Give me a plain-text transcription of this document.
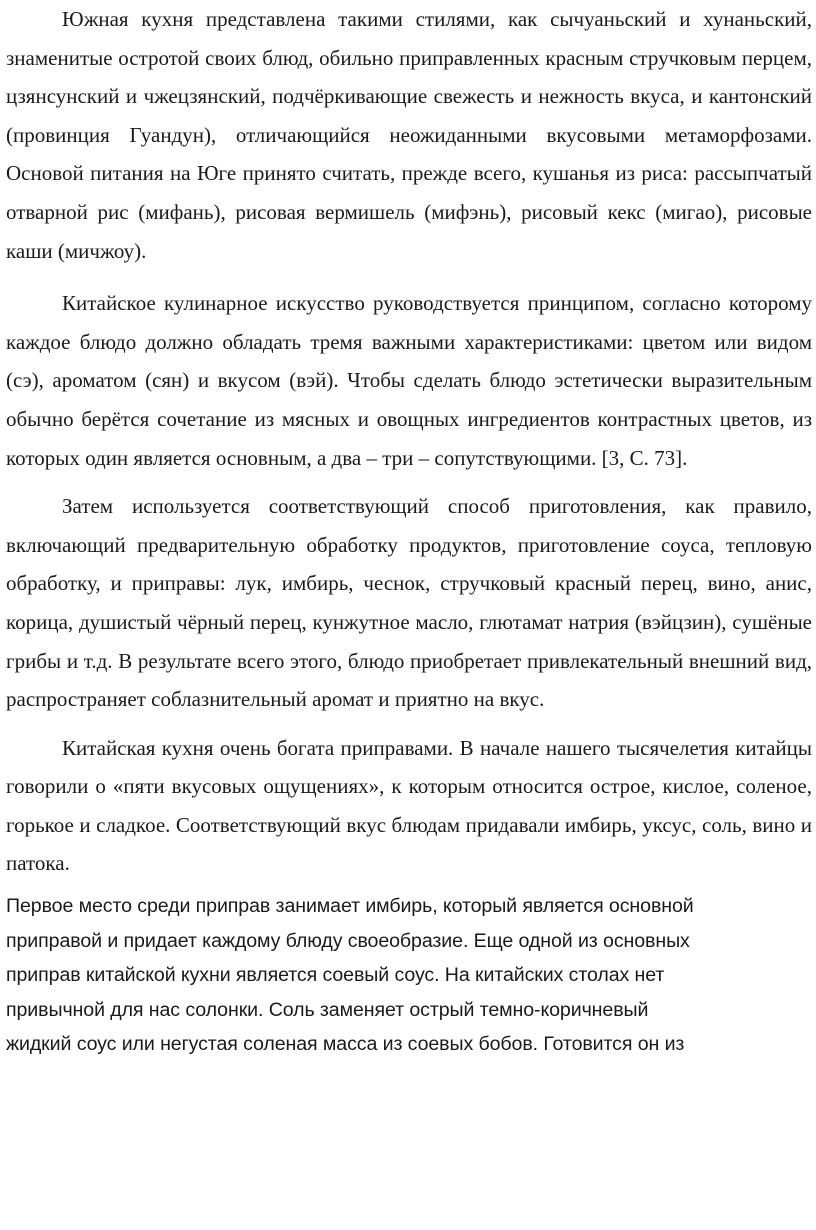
Южная кухня представлена такими стилями, как сычуаньский и хунаньский, знаменитые остротой своих блюд, обильно приправленных красным стручковым перцем, цзянсунский и чжецзянский, подчёркивающие свежесть и нежность вкуса, и кантонский (провинция Гуандун), отличающийся неожиданными вкусовыми метаморфозами. Основой питания на Юге принято считать, прежде всего, кушанья из риса: рассыпчатый отварной рис (мифань), рисовая вермишель (мифэнь), рисовый кекс (мигао), рисовые каши (мичжоу).

Китайское кулинарное искусство руководствуется принципом, согласно которому каждое блюдо должно обладать тремя важными характеристиками: цветом или видом (сэ), ароматом (сян) и вкусом (вэй). Чтобы сделать блюдо эстетически выразительным обычно берётся сочетание из мясных и овощных ингредиентов контрастных цветов, из которых один является основным, а два – три – сопутствующими. [3, С. 73].

Затем используется соответствующий способ приготовления, как правило, включающий предварительную обработку продуктов, приготовление соуса, тепловую обработку, и приправы: лук, имбирь, чеснок, стручковый красный перец, вино, анис, корица, душистый чёрный перец, кунжутное масло, глютамат натрия (вэйцзин), сушёные грибы и т.д. В результате всего этого, блюдо приобретает привлекательный внешний вид, распространяет соблазнительный аромат и приятно на вкус.

Китайская кухня очень богата приправами. В начале нашего тысячелетия китайцы говорили о «пяти вкусовых ощущениях», к которым относится острое, кислое, соленое, горькое и сладкое. Соответствующий вкус блюдам придавали имбирь, уксус, соль, вино и патока.

Первое место среди приправ занимает имбирь, который является основной
приправой и придает каждому блюду своеобразие. Еще одной из основных
приправ китайской кухни является соевый соус. На китайских столах нет
привычной для нас солонки. Соль заменяет острый темно-коричневый
жидкий соус или негустая соленая масса из соевых бобов. Готовится он из
